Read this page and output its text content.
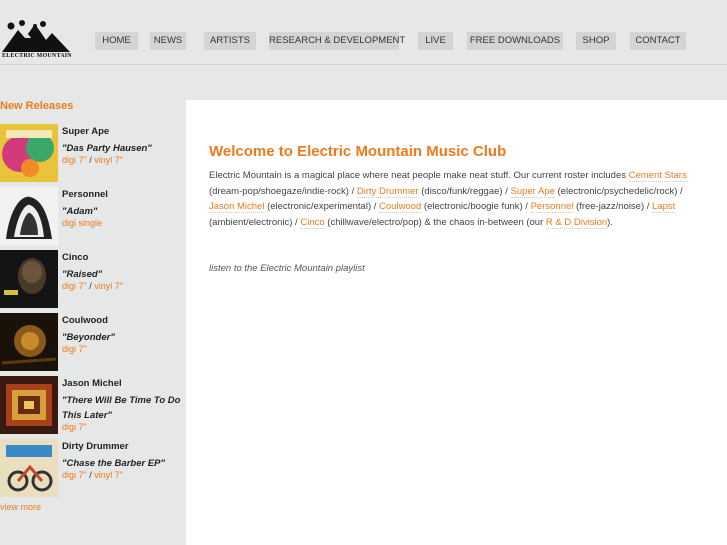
ELECTRIC MOUNTAIN
HOME	NEWS	ARTISTS	RESEARCH & DEVELOPMENT	LIVE	FREE DOWNLOADS	SHOP	CONTACT
New Releases
Super Ape
"Das Party Hausen"
digi 7" / vinyl 7"
Personnel
"Adam"
digi single
Cinco
"Raised"
digi 7" / vinyl 7"
Coulwood
"Beyonder"
digi 7"
Jason Michel
"There Will Be Time To Do This Later"
digi 7"
Dirty Drummer
"Chase the Barber EP"
digi 7" / vinyl 7"
view more
Welcome to Electric Mountain Music Club
Electric Mountain is a magical place where neat people make neat stuff. Our current roster includes Cement Stars (dream-pop/shoegaze/indie-rock) / Dirty Drummer (disco/funk/reggae) / Super Ape (electronic/psychedelic/rock) / Jason Michel (electronic/experimental) / Coulwood (electronic/boogie funk) / Personnel (free-jazz/noise) / Lapst (ambient/electronic) / Cinco (chillwave/electro/pop) & the chaos in-between (our R & D Division).
listen to the Electric Mountain playlist
